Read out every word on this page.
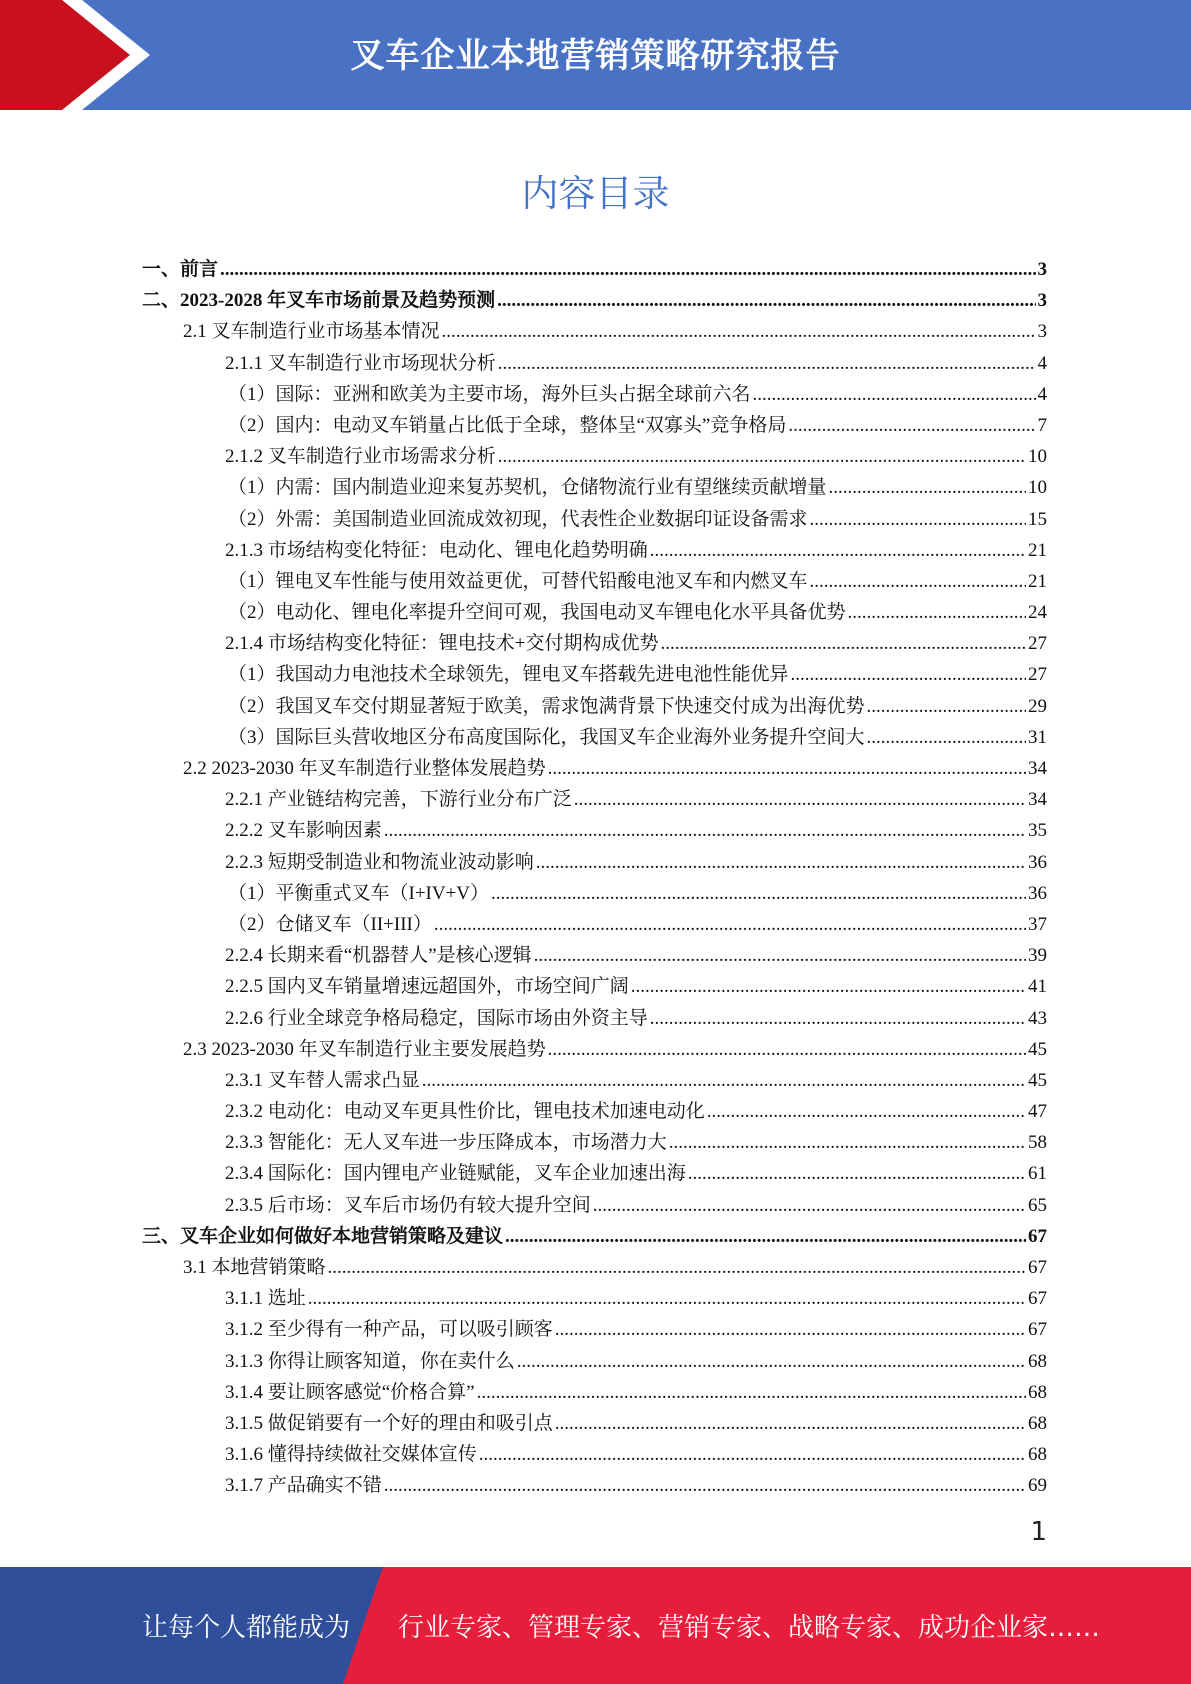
叉车企业本地营销策略研究报告
内容目录
一、前言 .....	3
二、2023-2028 年叉车市场前景及趋势预测 .....	3
2.1 叉车制造行业市场基本情况 .....	3
2.1.1 叉车制造行业市场现状分析 .....	4
（1）国际：亚洲和欧美为主要市场，海外巨头占据全球前六名 .....	4
（2）国内：电动叉车销量占比低于全球，整体呈“双寡头”竞争格局 .....	7
2.1.2 叉车制造行业市场需求分析 .....	10
（1）内需：国内制造业迎来复苏契机，仓储物流行业有望继续贡献增量 .....	10
（2）外需：美国制造业回流成效初现，代表性企业数据印证设备需求 .....	15
2.1.3 市场结构变化特征：电动化、锂电化趋势明确 .....	21
（1）锂电叉车性能与使用效益更优，可替代铅酸电池叉车和内燃叉车 .....	21
（2）电动化、锂电化率提升空间可观，我国电动叉车锂电化水平具备优势 .....	24
2.1.4 市场结构变化特征：锂电技术+交付期构成优势 .....	27
（1）我国动力电池技术全球领先，锂电叉车搭载先进电池性能优异 .....	27
（2）我国叉车交付期显著短于欧美，需求饱满背景下快速交付成为出海优势 .....	29
（3）国际巨头营收地区分布高度国际化，我国叉车企业海外业务提升空间大 .....	31
2.2 2023-2030 年叉车制造行业整体发展趋势 .....	34
2.2.1 产业链结构完善，下游行业分布广泛 .....	34
2.2.2 叉车影响因素 .....	35
2.2.3 短期受制造业和物流业波动影响 .....	36
（1）平衡重式叉车（I+IV+V） .....	36
（2）仓储叉车（II+III） .....	37
2.2.4 长期来看“机器替人”是核心逻辑 .....	39
2.2.5 国内叉车销量增速远超国外，市场空间广阔 .....	41
2.2.6 行业全球竞争格局稳定，国际市场由外资主导 .....	43
2.3 2023-2030 年叉车制造行业主要发展趋势 .....	45
2.3.1 叉车替人需求凸显 .....	45
2.3.2 电动化：电动叉车更具性价比，锂电技术加速电动化 .....	47
2.3.3 智能化：无人叉车进一步压降成本，市场潜力大 .....	58
2.3.4 国际化：国内锂电产业链赋能，叉车企业加速出海 .....	61
2.3.5 后市场：叉车后市场仍有较大提升空间 .....	65
三、叉车企业如何做好本地营销策略及建议 .....	67
3.1 本地营销策略 .....	67
3.1.1 选址 .....	67
3.1.2 至少得有一种产品，可以吸引顾客 .....	67
3.1.3 你得让顾客知道，你在卖什么 .....	68
3.1.4 要让顾客感觉“价格合算” .....	68
3.1.5 做促销要有一个好的理由和吸引点 .....	68
3.1.6 懂得持续做社交媒体宣传 .....	68
3.1.7 产品确实不错 .....	69
1
让每个人都能成为 行业专家、管理专家、营销专家、战略专家、成功企业家……
